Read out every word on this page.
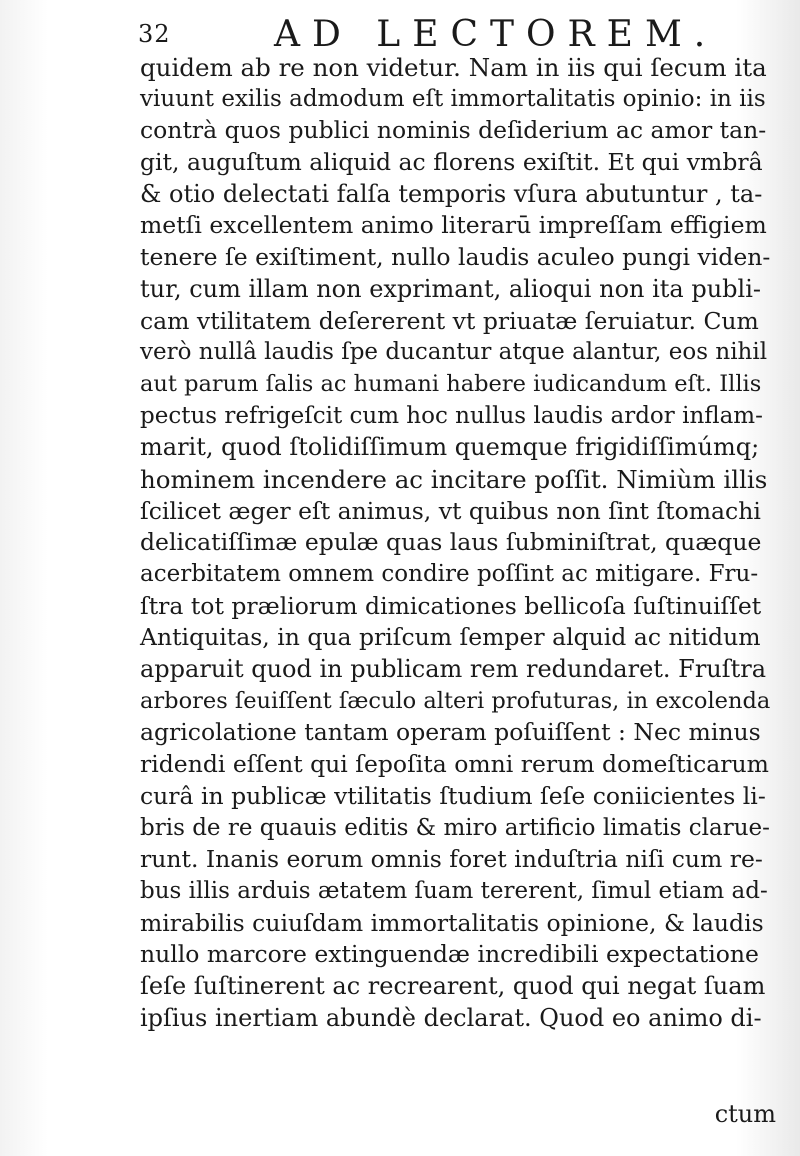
32	AD LECTOREM.
quidem ab re non videtur. Nam in iis qui ſecum ita
viuunt exilis admodum eſt immortalitatis opinio: in iis
contrà quos publici nominis deſiderium ac amor tan-
git, auguſtum aliquid ac florens exiſtit. Et qui vmbrâ
& otio delectati falſa temporis vſura abutuntur , ta-
metſi excellentem animo literarū impreſſam effigiem
tenere ſe exiſtiment, nullo laudis aculeo pungi viden-
tur, cum illam non exprimant, alioqui non ita publi-
cam vtilitatem deſererent vt priuatæ ſeruiatur. Cum
verò nullâ laudis ſpe ducantur atque alantur, eos nihil
aut parum ſalis ac humani habere iudicandum eſt. Illis
pectus refrigeſcit cum hoc nullus laudis ardor inflam-
marit, quod ſtolidiſſimum quemque frigidiſſimúmq;
hominem incendere ac incitare poſſit. Nimiùm illis
ſcilicet æger eſt animus, vt quibus non ſint ſtomachi
delicatiſſimæ epulæ quas laus ſubminiſtrat, quæque
acerbitatem omnem condire poſſint ac mitigare. Fru-
ſtra tot præliorum dimicationes bellicoſa ſuſtinuiſſet
Antiquitas, in qua priſcum ſemper alquid ac nitidum
apparuit quod in publicam rem redundaret. Fruſtra
arbores ſeuiſſent ſæculo alteri profuturas, in excolenda
agricolatione tantam operam poſuiſſent : Nec minus
ridendi eſſent qui ſepoſita omni rerum domeſticarum
curâ in publicæ vtilitatis ſtudium ſeſe coniicientes li-
bris de re quauis editis & miro artificio limatis clarue-
runt. Inanis eorum omnis foret induſtria niſi cum re-
bus illis arduis ætatem ſuam tererent, ſimul etiam ad-
mirabilis cuiuſdam immortalitatis opinione, & laudis
nullo marcore extinguendæ incredibili expectatione
ſeſe ſuſtinerent ac recrearent, quod qui negat ſuam
ipſius inertiam abundè declarat. Quod eo animo di-
ctum
